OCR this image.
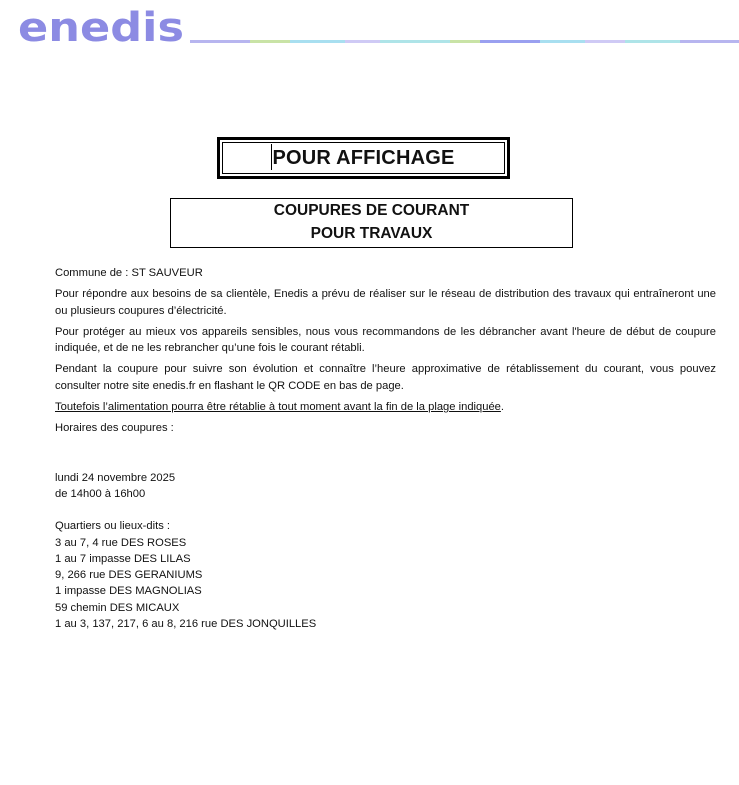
enedis
POUR AFFICHAGE
COUPURES DE COURANT
POUR TRAVAUX

Commune de : ST SAUVEUR

Pour répondre aux besoins de sa clientèle, Enedis a prévu de réaliser sur le réseau de distribution des travaux qui entraîneront une ou plusieurs coupures d’électricité.

Pour protéger au mieux vos appareils sensibles, nous vous recommandons de les débrancher avant l'heure de début de coupure indiquée, et de ne les rebrancher qu’une fois le courant rétabli.

Pendant la coupure pour suivre son évolution et connaître l’heure approximative de rétablissement du courant, vous pouvez consulter notre site enedis.fr en flashant le QR CODE en bas de page.

Toutefois l’alimentation pourra être rétablie à tout moment avant la fin de la plage indiquée.

Horaires des coupures :

lundi 24 novembre 2025

de 14h00 à 16h00

Quartiers ou lieux-dits :

3 au 7, 4 rue DES ROSES

1 au 7 impasse DES LILAS

9, 266 rue DES GERANIUMS

1 impasse DES MAGNOLIAS

59 chemin DES MICAUX

1 au 3, 137, 217, 6 au 8, 216 rue DES JONQUILLES
